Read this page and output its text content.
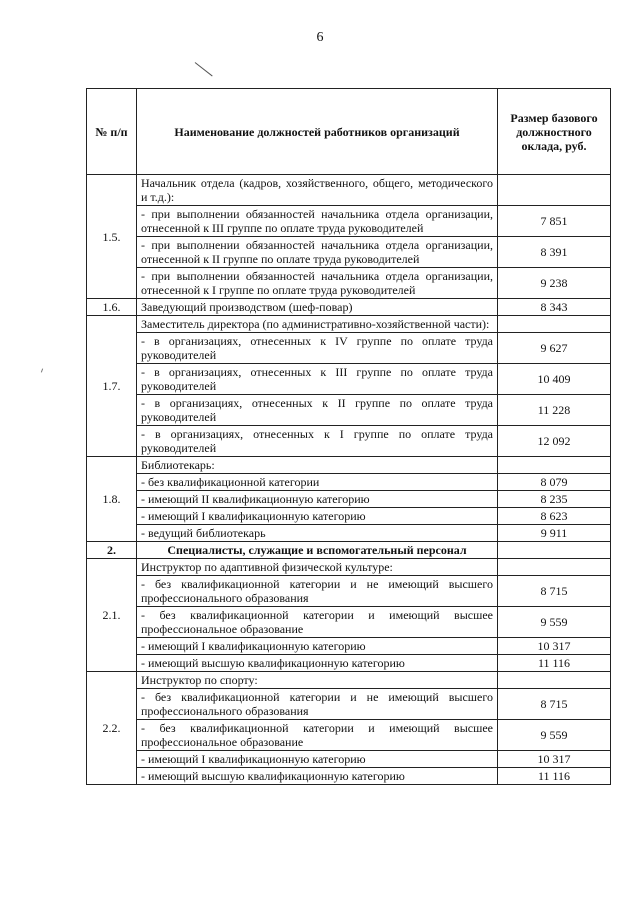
6
№ п/п	Наименование должностей работников организаций	Размер базового должностного оклада, руб.
1.5.	Начальник отдела (кадров, хозяйственного, общего, методического и т.д.):	
	- при выполнении обязанностей начальника отдела организации, отнесенной к III группе по оплате труда руководителей	7 851
	- при выполнении обязанностей начальника отдела организации, отнесенной к II группе по оплате труда руководителей	8 391
	- при выполнении обязанностей начальника отдела организации, отнесенной к I группе по оплате труда руководителей	9 238
1.6.	Заведующий производством (шеф-повар)	8 343
1.7.	Заместитель директора (по административно-хозяйственной части):	
	- в организациях, отнесенных к IV группе по оплате труда руководителей	9 627
	- в организациях, отнесенных к III группе по оплате труда руководителей	10 409
	- в организациях, отнесенных к II группе по оплате труда руководителей	11 228
	- в организациях, отнесенных к I группе по оплате труда руководителей	12 092
1.8.	Библиотекарь:	
	- без квалификационной категории	8 079
	- имеющий II квалификационную категорию	8 235
	- имеющий I квалификационную категорию	8 623
	- ведущий библиотекарь	9 911
2.	Специалисты, служащие и вспомогательный персонал	
2.1.	Инструктор по адаптивной физической культуре:	
	- без квалификационной категории и не имеющий высшего профессионального образования	8 715
	- без квалификационной категории и имеющий высшее профессиональное образование	9 559
	- имеющий I квалификационную категорию	10 317
	- имеющий высшую квалификационную категорию	11 116
2.2.	Инструктор по спорту:	
	- без квалификационной категории и не имеющий высшего профессионального образования	8 715
	- без квалификационной категории и имеющий высшее профессиональное образование	9 559
	- имеющий I квалификационную категорию	10 317
	- имеющий высшую квалификационную категорию	11 116
